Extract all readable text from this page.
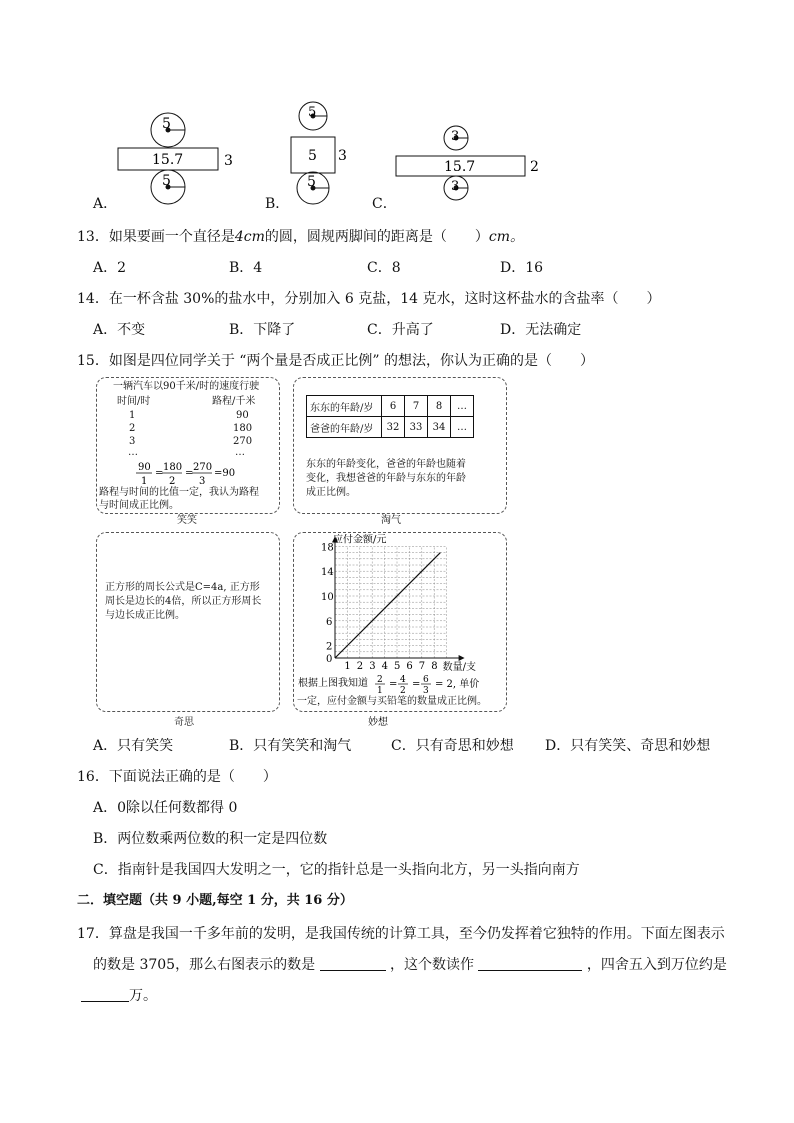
5
15.7	3
5
5
5 3
5
3
15.7	2
3
A．	B．	C．
13．如果要画一个直径是4cm的圆，圆规两脚间的距离是（　　）cm。
A．2	B．4	C．8	D．16
14．在一杯含盐 30%的盐水中，分别加入 6 克盐，14 克水，这时这杯盐水的含盐率（　　）
A．不变	B．下降了	C．升高了	D．无法确定
15．如图是四位同学关于 “两个量是否成正比例” 的想法，你认为正确的是（　　）
一辆汽车以90千米/时的速度行驶
时间/时	路程/千米
1	90
2	180
3	270
…	…
90
1
=
180
2
=
270
3
=90
路程与时间的比值一定，我认为路程
与时间成正比例。
笑笑
东东的年龄/岁	6	7	8	…
爸爸的年龄/岁	32	33	34	…
东东的年龄变化，爸爸的年龄也随着
变化，我想爸爸的年龄与东东的年龄
成正比例。
淘气
正方形的周长公式是C=4a, 正方形
周长是边长的4倍，所以正方形周长
与边长成正比例。
奇思
1 2 3 4 5 6 7 8
0
2
6
10
14
18
应付金额/元
数量/支
根据上图我知道 2
1
= 4
2
= 6
3
= 2, 单价
一定，应付金额与买铅笔的数量成正比例。
妙想
A．只有笑笑	B．只有笑笑和淘气	C．只有奇思和妙想 D．只有笑笑、奇思和妙想
16．下面说法正确的是（　　）
A．0除以任何数都得 0
B．两位数乘两位数的积一定是四位数
C．指南针是我国四大发明之一，它的指针总是一头指向北方，另一头指向南方
二．填空题（共 9 小题,每空 1 分，共 16 分）
17．算盘是我国一千多年前的发明，是我国传统的计算工具，至今仍发挥着它独特的作用。下面左图表示
的数是 3705，那么右图表示的数是	，这个数读作	，四舍五入到万位约是
万。
